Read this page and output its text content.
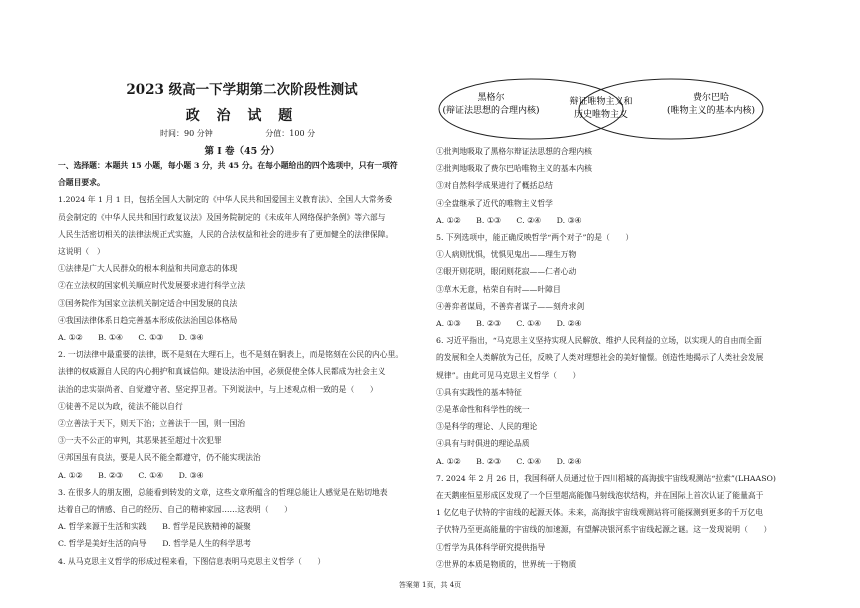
2023 级高一下学期第二次阶段性测试
政 治 试 题
时间：90 分钟	分值：100 分
第 Ⅰ 卷（45 分）
一、选择题：本题共 15 小题，每小题 3 分，共 45 分。在每小题给出的四个选项中，只有一项符
合题目要求。
1.2024 年 1 月 1 日，包括全国人大制定的《中华人民共和国爱国主义教育法》、全国人大常务委
员会制定的《中华人民共和国行政复议法》及国务院制定的《未成年人网络保护条例》等六部与
人民生活密切相关的法律法规正式实施，人民的合法权益和社会的进步有了更加健全的法律保障。
这说明（　）
①法律是广大人民群众的根本利益和共同意志的体现
②在立法权的国家机关順应时代发展要求进行科学立法
③国务院作为国家立法机关制定适合中国发展的良法
④我国法律体系日趋完善基本形成依法治国总体格局
A. ①②　　B. ①④　　C. ①③　　D. ③④
2. 一切法律中最重要的法律，既不是刻在大理石上，也不是刻在铜表上，而是铭刻在公民的内心里。
法律的权威源自人民的内心拥护和真诚信仰。建设法治中国，必须促使全体人民都成为社会主义
法治的忠实崇尚者、自觉遵守者、坚定捍卫者。下列说法中，与上述观点相一致的是（　　）
①徒善不足以为政，徒法不能以自行
②立善法于天下，则天下治；立善法于一国，则一国治
③一夫不公正的审判，其恶果甚至超过十次犯罪
④邦国虽有良法，要是人民不能全都遵守，仍不能实现法治
A. ①②　　B. ②③　　C. ①④　　D. ③④
3. 在很多人的朋友圈，总能看到转发的文章，这些文章所蕴含的哲理总能让人感觉是在贴切地表
达着自己的情感、自己的经历、自己的精神家园……这表明（　　）
A. 哲学来源于生活和实践　　B. 哲学是民族精神的凝聚
C. 哲学是美好生活的向导　　D. 哲学是人生的科学思考
4. 从马克思主义哲学的形成过程来看，下图信息表明马克思主义哲学（　　）
黑格尔
(辩证法思想的合理内核)
辩证唯物主义和
历史唯物主义
费尔巴哈
(唯物主义的基本内核)
①批判地吸取了黑格尔辩证法思想的合理内核
②批判地吸取了费尔巴哈唯物主义的基本内核
③对自然科学成果进行了概括总结
④全盘继承了近代的唯物主义哲学
A. ①②　　B. ①③　　C. ②④　　D. ③④
5. 下列选项中，能正确反映哲学“两个对子”的是（　　）
①人病则忧惧，忧惧见鬼出——理生万物
②眼开则花明，眼闭则花寂——仁者心动
③草木无意，枯荣自有时——叶障目
④善弈者谋局，不善弈者谋子——刻舟求剑
A. ①③　　B. ②③　　C. ①④　　D. ②④
6. 习近平指出，“马克思主义坚持实现人民解放、维护人民利益的立场，以实现人的自由而全面
的发展和全人类解放为己任，反映了人类对理想社会的美好憧憬。创造性地揭示了人类社会发展
规律”。由此可见马克思主义哲学（　　）
①具有实践性的基本特征
②是革命性和科学性的统一
③是科学的理论、人民的理论
④具有与时俱进的理论品质
A. ①②　　B. ②③　　C. ①④　　D. ②④
7. 2024 年 2 月 26 日，我国科研人员通过位于四川稻城的高海拔宇宙线观测站“拉索”(LHAASO)
在天鹅座恒星形成区发现了一个巨型超高能伽马射线泡状结构，并在国际上首次认证了能量高于
1 亿亿电子伏特的宇宙线的起源天体。未来，高海拔宇宙线观测站将可能探测到更多的千万亿电
子伏特乃至更高能量的宇宙线的加速源，有望解决银河系宇宙线起源之谜。这一发现说明（　　）
①哲学为具体科学研究提供指导
②世界的本质是物质的，世界统一于物质
答案第 1页，共 4页
